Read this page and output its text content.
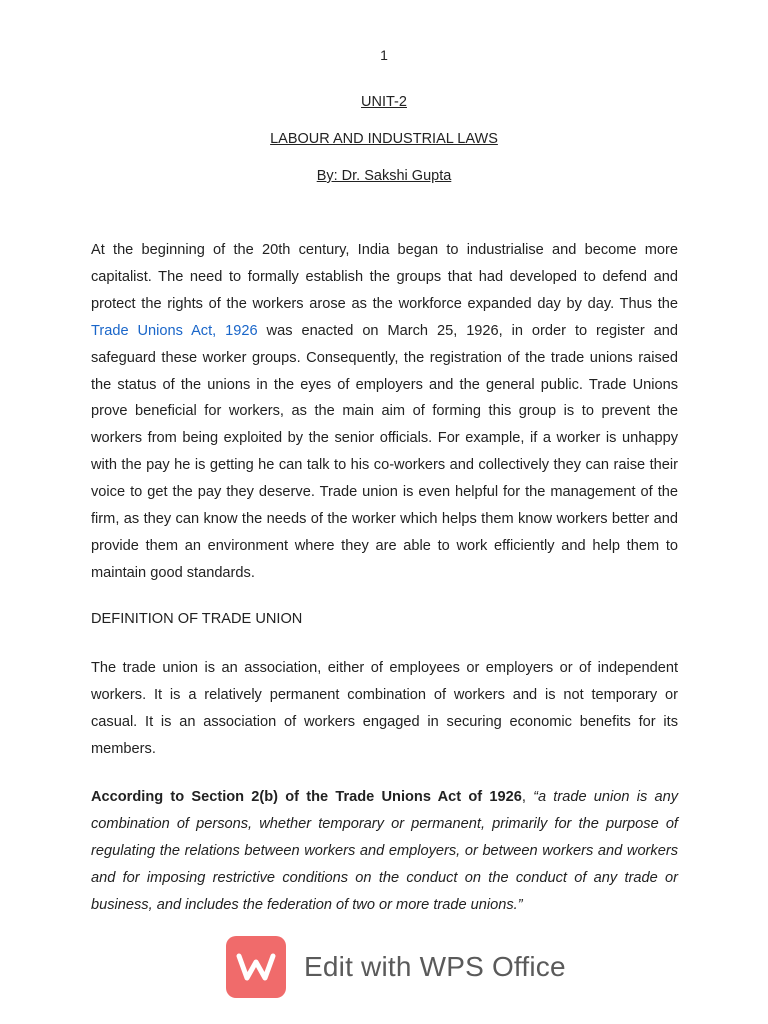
1
UNIT-2
LABOUR AND INDUSTRIAL LAWS
By: Dr. Sakshi Gupta

At the beginning of the 20th century, India began to industrialise and become more capitalist. The need to formally establish the groups that had developed to defend and protect the rights of the workers arose as the workforce expanded day by day. Thus the Trade Unions Act, 1926 was enacted on March 25, 1926, in order to register and safeguard these worker groups. Consequently, the registration of the trade unions raised the status of the unions in the eyes of employers and the general public. Trade Unions prove beneficial for workers, as the main aim of forming this group is to prevent the workers from being exploited by the senior officials. For example, if a worker is unhappy with the pay he is getting he can talk to his co-workers and collectively they can raise their voice to get the pay they deserve. Trade union is even helpful for the management of the firm, as they can know the needs of the worker which helps them know workers better and provide them an environment where they are able to work efficiently and help them to maintain good standards.

DEFINITION OF TRADE UNION

The trade union is an association, either of employees or employers or of independent workers. It is a relatively permanent combination of workers and is not temporary or casual. It is an association of workers engaged in securing economic benefits for its members.

According to Section 2(b) of the Trade Unions Act of 1926, “a trade union is any combination of persons, whether temporary or permanent, primarily for the purpose of regulating the relations between workers and employers, or between workers and workers and for imposing restrictive conditions on the conduct on the conduct of any trade or business, and includes the federation of two or more trade unions.”

Edit with WPS Office
